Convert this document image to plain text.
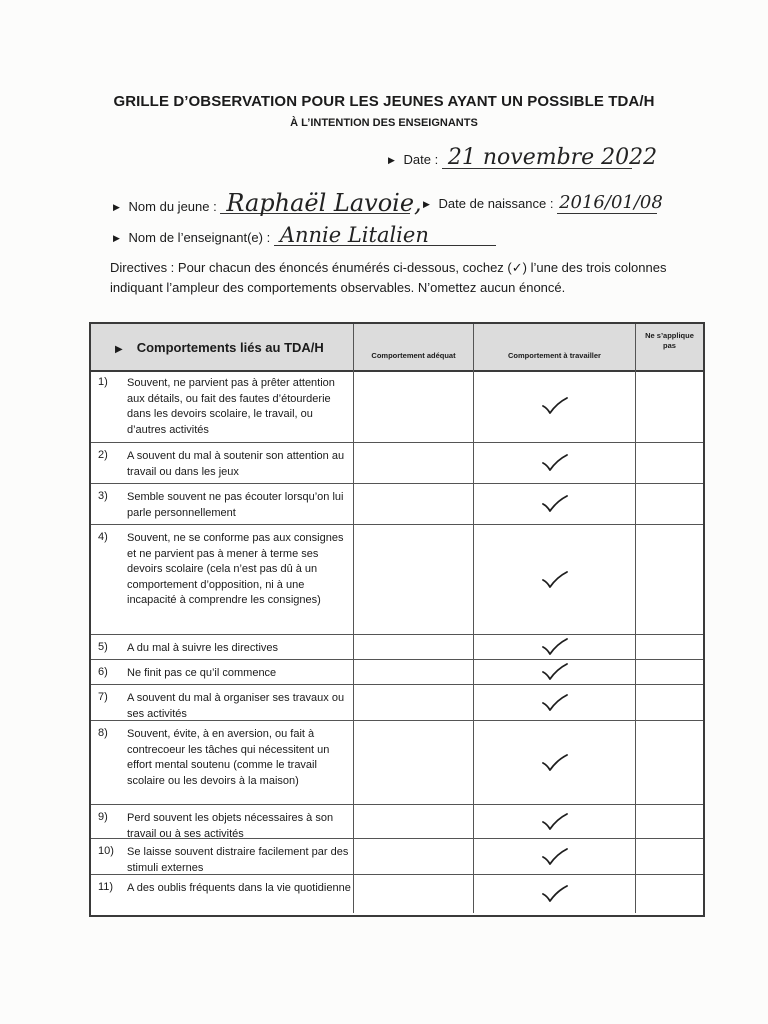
GRILLE D’OBSERVATION POUR LES JEUNES AYANT UN POSSIBLE TDA/H
À L’INTENTION DES ENSEIGNANTS
▶ Date : 21 novembre 2022
▶ Nom du jeune : Raphaël Lavoie, ▶ Date de naissance : 2016/01/08
▶ Nom de l’enseignant(e) : Annie Litalien
Directives : Pour chacun des énoncés énumérés ci-dessous, cochez (✓) l’une des trois colonnes indiquant l’ampleur des comportements observables. N’omettez aucun énoncé.
▶ Comportements liés au TDA/H
Comportement adéquat	Comportement à travailler
Ne s’applique pas
1) Souvent, ne parvient pas à prêter attention aux détails, ou fait des fautes d’étourderie dans les devoirs scolaire, le travail, ou d’autres activités
2) A souvent du mal à soutenir son attention au travail ou dans les jeux
3) Semble souvent ne pas écouter lorsqu’on lui parle personnellement
4) Souvent, ne se conforme pas aux consignes et ne parvient pas à mener à terme ses devoirs scolaire (cela n’est pas dû à un comportement d’opposition, ni à une incapacité à comprendre les consignes)
5) A du mal à suivre les directives
6) Ne finit pas ce qu’il commence
7) A souvent du mal à organiser ses travaux ou ses activités
8) Souvent, évite, à en aversion, ou fait à contrecoeur les tâches qui nécessitent un effort mental soutenu (comme le travail scolaire ou les devoirs à la maison)
9) Perd souvent les objets nécessaires à son travail ou à ses activités
10) Se laisse souvent distraire facilement par des stimuli externes
11) A des oublis fréquents dans la vie quotidienne
